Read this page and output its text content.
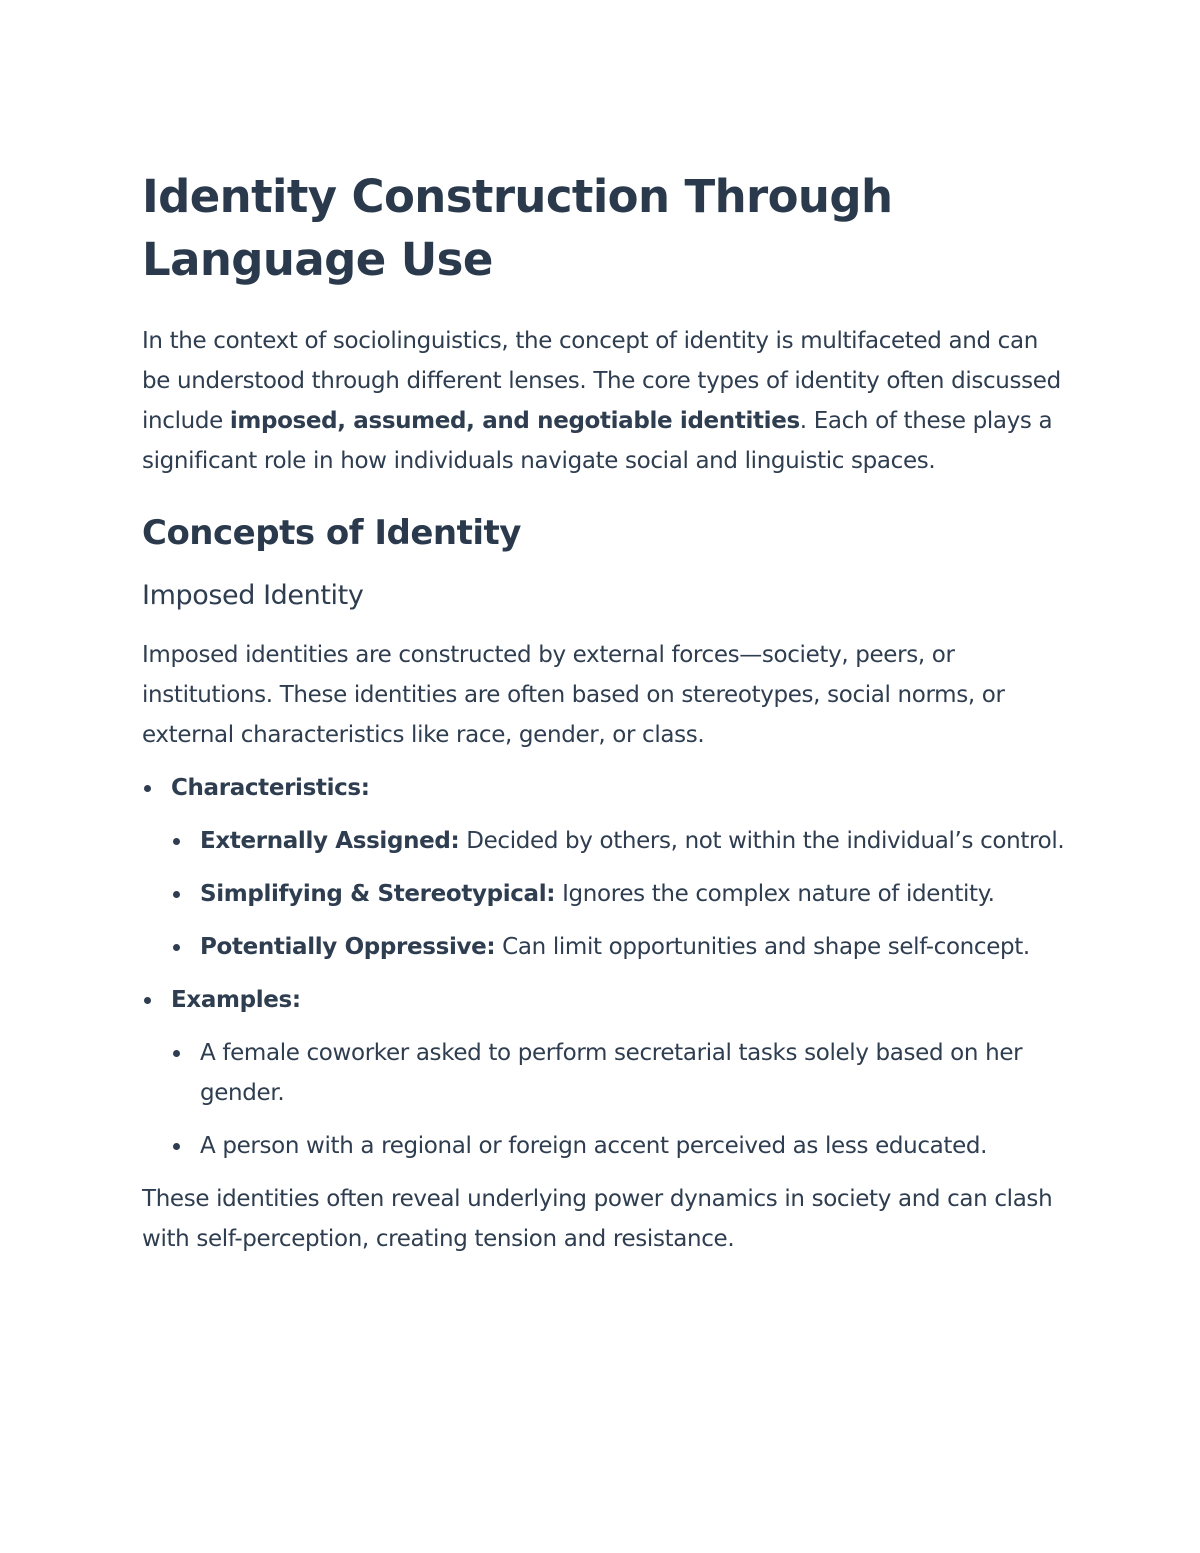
Identity Construction Through Language Use

In the context of sociolinguistics, the concept of identity is multifaceted and can be understood through different lenses. The core types of identity often discussed include imposed, assumed, and negotiable identities. Each of these plays a significant role in how individuals navigate social and linguistic spaces.

Concepts of Identity
Imposed Identity

Imposed identities are constructed by external forces—society, peers, or institutions. These identities are often based on stereotypes, social norms, or external characteristics like race, gender, or class.

Characteristics:
Externally Assigned: Decided by others, not within the individual’s control.
Simplifying & Stereotypical: Ignores the complex nature of identity.
Potentially Oppressive: Can limit opportunities and shape self-concept.
Examples:
A female coworker asked to perform secretarial tasks solely based on her gender.
A person with a regional or foreign accent perceived as less educated.

These identities often reveal underlying power dynamics in society and can clash with self-perception, creating tension and resistance.
